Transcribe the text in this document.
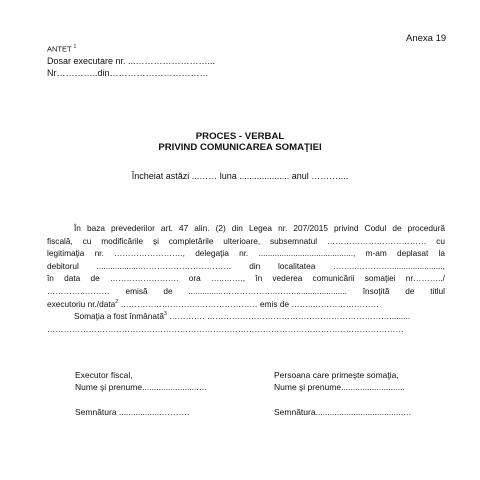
Anexa 19
ANTET $^1$
Dosar executare nr. ...……………………...
Nr…………..din……………………………
PROCES - VERBAL
PRIVIND COMUNICAREA SOMAŢIEI
Încheiat astăzi ...…… luna .................... anul ………....
În baza prevederilor art. 47 alin. (2) din Legea nr. 207/2015 privind Codul de procedură
fiscală, cu modificările şi completările ulterioare, subsemnatul ……………………………… cu
legitimaţia nr. ……………………., delegaţia nr. ........................................., m-am deplasat la
debitorul ...................…………………………… din localitatea ……...………….......................,
în data de ……………………. ora …..……., în vederea comunicării somaţiei nr………../
…………..……… emisă de ...............………………..……....................... însoţită de titlul
executoriu nr./data$^2$ ………………………..………………… emis de ……..……………………
Somaţia a fost înmânată$^3$ …………. ………………………………………………………….........
…………………………………………………………………………………………………………………
Executor fiscal,
Nume şi prenume........................…
Semnătura ..................……….
Persoana care primeşte somaţia,
Nume şi prenume...........................
Semnătura.....................................…
